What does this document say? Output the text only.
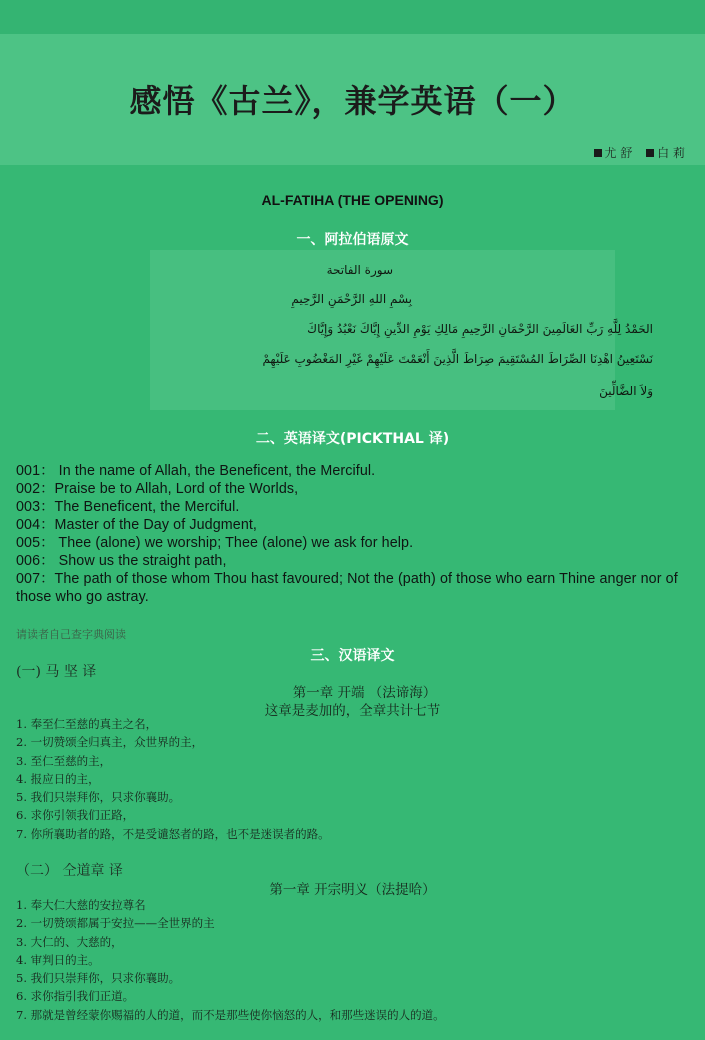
感悟《古兰》，兼学英语（一）
尤 舒 白 莉
AL-FATIHA (THE OPENING)
一、阿拉伯语原文
سورة الفاتحة
بِسْمِ اللهِ الرَّحْمَنِ الرَّحِيمِ
الحَمْدُ لِلَّهِ رَبِّ العَالَمِينَ الرَّحْمَانِ الرَّحِيمِ مَالِكِ يَوْمِ الدِّينِ إِيَّاكَ نَعْبُدُ وَإِيَّاكَ
نَسْتَعِينُ اهْدِنَا الصِّرَاطَ المُسْتَقِيمَ صِرَاطَ الَّذِينَ أَنْعَمْتَ عَلَيْهِمْ غَيْرِ المَغْضُوبِ عَلَيْهِمْ
وَلاَ الضَّالِّينَ
二、英语译文(PICKTHAL 译)
001： In the name of Allah, the Beneficent, the Merciful.
002：Praise be to Allah, Lord of the Worlds,
003：The Beneficent, the Merciful.
004：Master of the Day of Judgment,
005： Thee (alone) we worship; Thee (alone) we ask for help.
006： Show us the straight path,
007：The path of those whom Thou hast favoured; Not the (path) of those who earn Thine anger nor of those who go astray.
请读者自己查字典阅读
三、汉语译文
(一) 马 坚 译
第一章 开端 （法谛海）
这章是麦加的，全章共计七节
1. 奉至仁至慈的真主之名，
2. 一切赞颂全归真主，众世界的主，
3. 至仁至慈的主，
4. 报应日的主，
5. 我们只崇拜你，只求你襄助。
6. 求你引领我们正路，
7. 你所襄助者的路，不是受谴怒者的路，也不是迷误者的路。
（二） 仝道章 译
第一章 开宗明义（法提哈）
1. 奉大仁大慈的安拉尊名
2. 一切赞颂都属于安拉——全世界的主
3. 大仁的、大慈的，
4. 审判日的主。
5. 我们只崇拜你，只求你襄助。
6. 求你指引我们正道。
7. 那就是曾经蒙你赐福的人的道，而不是那些使你恼怒的人，和那些迷误的人的道。
